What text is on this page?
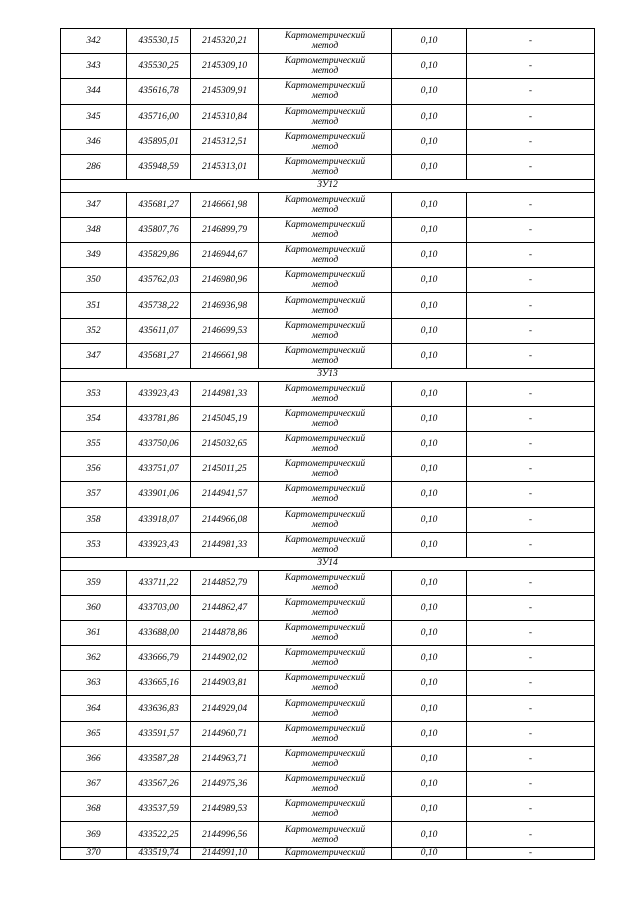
342	435530,15	2145320,21	Картометрический
метод	0,10	-
343	435530,25	2145309,10	Картометрический
метод	0,10	-
344	435616,78	2145309,91	Картометрический
метод	0,10	-
345	435716,00	2145310,84	Картометрический
метод	0,10	-
346	435895,01	2145312,51	Картометрический
метод	0,10	-
286	435948,59	2145313,01	Картометрический
метод	0,10	-
ЗУ12					
347	435681,27	2146661,98	Картометрический
метод	0,10	-
348	435807,76	2146899,79	Картометрический
метод	0,10	-
349	435829,86	2146944,67	Картометрический
метод	0,10	-
350	435762,03	2146980,96	Картометрический
метод	0,10	-
351	435738,22	2146936,98	Картометрический
метод	0,10	-
352	435611,07	2146699,53	Картометрический
метод	0,10	-
347	435681,27	2146661,98	Картометрический
метод	0,10	-
ЗУ13					
353	433923,43	2144981,33	Картометрический
метод	0,10	-
354	433781,86	2145045,19	Картометрический
метод	0,10	-
355	433750,06	2145032,65	Картометрический
метод	0,10	-
356	433751,07	2145011,25	Картометрический
метод	0,10	-
357	433901,06	2144941,57	Картометрический
метод	0,10	-
358	433918,07	2144966,08	Картометрический
метод	0,10	-
353	433923,43	2144981,33	Картометрический
метод	0,10	-
ЗУ14					
359	433711,22	2144852,79	Картометрический
метод	0,10	-
360	433703,00	2144862,47	Картометрический
метод	0,10	-
361	433688,00	2144878,86	Картометрический
метод	0,10	-
362	433666,79	2144902,02	Картометрический
метод	0,10	-
363	433665,16	2144903,81	Картометрический
метод	0,10	-
364	433636,83	2144929,04	Картометрический
метод	0,10	-
365	433591,57	2144960,71	Картометрический
метод	0,10	-
366	433587,28	2144963,71	Картометрический
метод	0,10	-
367	433567,26	2144975,36	Картометрический
метод	0,10	-
368	433537,59	2144989,53	Картометрический
метод	0,10	-
369	433522,25	2144996,56	Картометрический
метод	0,10	-
370	433519,74	2144991,10	Картометрический	0,10	-
